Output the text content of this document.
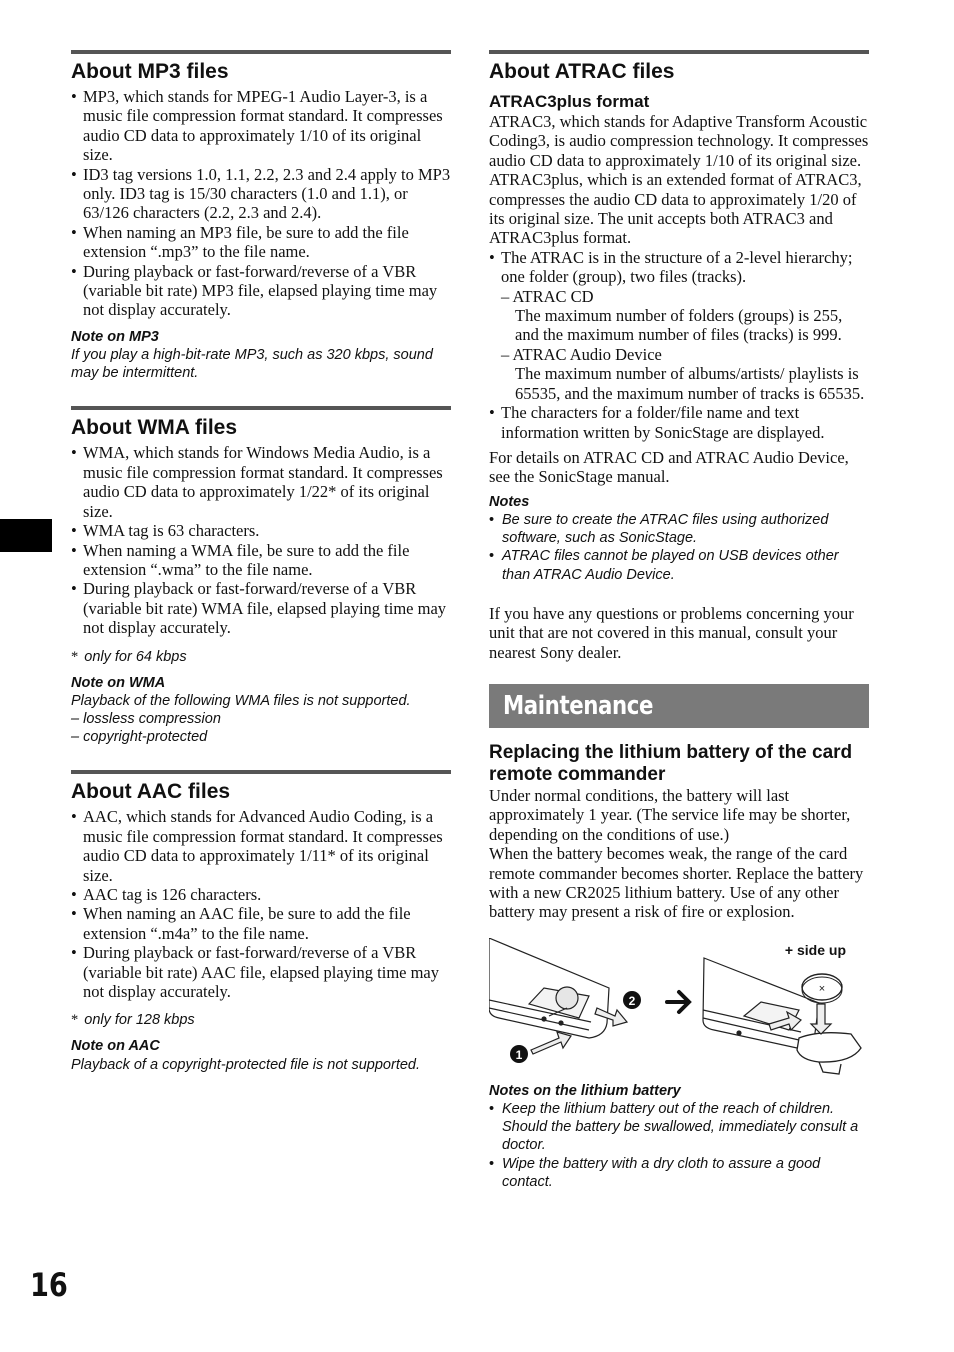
About MP3 files
• MP3, which stands for MPEG-1 Audio Layer-3, is a music file compression format standard. It compresses audio CD data to approximately 1/10 of its original size.
• ID3 tag versions 1.0, 1.1, 2.2, 2.3 and 2.4 apply to MP3 only. ID3 tag is 15/30 characters (1.0 and 1.1), or 63/126 characters (2.2, 2.3 and 2.4).
• When naming an MP3 file, be sure to add the file extension “.mp3” to the file name.
• During playback or fast-forward/reverse of a VBR (variable bit rate) MP3 file, elapsed playing time may not display accurately.
Note on MP3
If you play a high-bit-rate MP3, such as 320 kbps, sound may be intermittent.
About WMA files
• WMA, which stands for Windows Media Audio, is a music file compression format standard. It compresses audio CD data to approximately 1/22* of its original size.
• WMA tag is 63 characters.
• When naming a WMA file, be sure to add the file extension “.wma” to the file name.
• During playback or fast-forward/reverse of a VBR (variable bit rate) WMA file, elapsed playing time may not display accurately.
* only for 64 kbps
Note on WMA
Playback of the following WMA files is not supported.
– lossless compression
– copyright-protected
About AAC files
• AAC, which stands for Advanced Audio Coding, is a music file compression format standard. It compresses audio CD data to approximately 1/11* of its original size.
• AAC tag is 126 characters.
• When naming an AAC file, be sure to add the file extension “.m4a” to the file name.
• During playback or fast-forward/reverse of a VBR (variable bit rate) AAC file, elapsed playing time may not display accurately.
* only for 128 kbps
Note on AAC
Playback of a copyright-protected file is not supported.
About ATRAC files
ATRAC3plus format
ATRAC3, which stands for Adaptive Transform Acoustic Coding3, is audio compression technology. It compresses audio CD data to approximately 1/10 of its original size. ATRAC3plus, which is an extended format of ATRAC3, compresses the audio CD data to approximately 1/20 of its original size. The unit accepts both ATRAC3 and ATRAC3plus format.
• The ATRAC is in the structure of a 2-level hierarchy; one folder (group), two files (tracks).
– ATRAC CD
The maximum number of folders (groups) is 255, and the maximum number of files (tracks) is 999.
– ATRAC Audio Device
The maximum number of albums/artists/ playlists is 65535, and the maximum number of tracks is 65535.
• The characters for a folder/file name and text information written by SonicStage are displayed.
For details on ATRAC CD and ATRAC Audio Device, see the SonicStage manual.
Notes
• Be sure to create the ATRAC files using authorized software, such as SonicStage.
• ATRAC files cannot be played on USB devices other than ATRAC Audio Device.
If you have any questions or problems concerning your unit that are not covered in this manual, consult your nearest Sony dealer.
Maintenance
Replacing the lithium battery of the card remote commander
Under normal conditions, the battery will last approximately 1 year. (The service life may be shorter, depending on the conditions of use.)
When the battery becomes weak, the range of the card remote commander becomes shorter. Replace the battery with a new CR2025 lithium battery. Use of any other battery may present a risk of fire or explosion.
1
2
×
+ side up
Notes on the lithium battery
• Keep the lithium battery out of the reach of children. Should the battery be swallowed, immediately consult a doctor.
• Wipe the battery with a dry cloth to assure a good contact.
16
